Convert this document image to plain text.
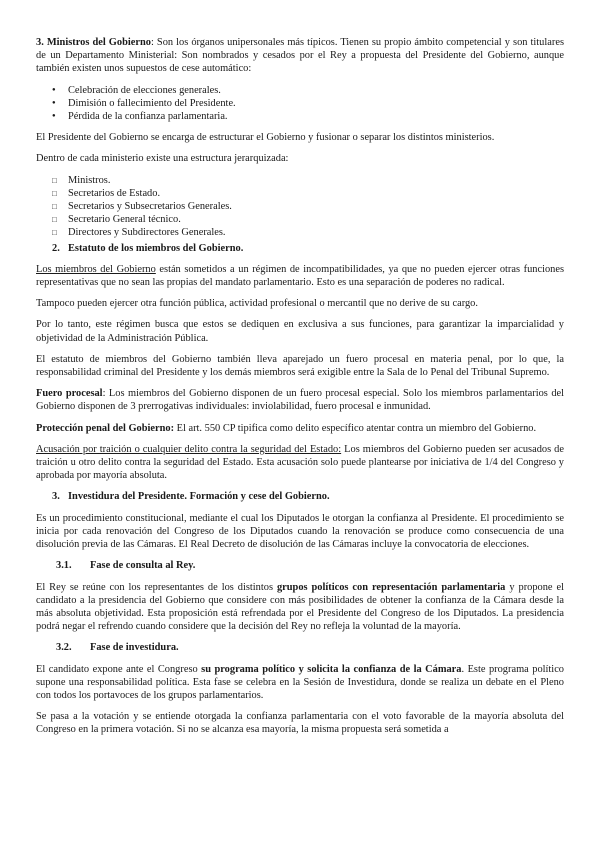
3. Ministros del Gobierno: Son los órganos unipersonales más típicos. Tienen su propio ámbito competencial y son titulares de un Departamento Ministerial: Son nombrados y cesados por el Rey a propuesta del Presidente del Gobierno, aunque también existen unos supuestos de cese automático:

● Celebración de elecciones generales.
● Dimisión o fallecimiento del Presidente.
● Pérdida de la confianza parlamentaria.

El Presidente del Gobierno se encarga de estructurar el Gobierno y fusionar o separar los distintos ministerios.

Dentro de cada ministerio existe una estructura jerarquizada:

□ Ministros.
□ Secretarios de Estado.
□ Secretarios y Subsecretarios Generales.
□ Secretario General técnico.
□ Directores y Subdirectores Generales.
2. Estatuto de los miembros del Gobierno.

Los miembros del Gobierno están sometidos a un régimen de incompatibilidades, ya que no pueden ejercer otras funciones representativas que no sean las propias del mandato parlamentario. Esto es una separación de poderes no radical.

Tampoco pueden ejercer otra función pública, actividad profesional o mercantil que no derive de su cargo.

Por lo tanto, este régimen busca que estos se dediquen en exclusiva a sus funciones, para garantizar la imparcialidad y objetividad de la Administración Pública.

El estatuto de miembros del Gobierno también lleva aparejado un fuero procesal en materia penal, por lo que, la responsabilidad criminal del Presidente y los demás miembros será exigible entre la Sala de lo Penal del Tribunal Supremo.

Fuero procesal: Los miembros del Gobierno disponen de un fuero procesal especial. Solo los miembros parlamentarios del Gobierno disponen de 3 prerrogativas individuales: inviolabilidad, fuero procesal e inmunidad.

Protección penal del Gobierno: El art. 550 CP tipifica como delito específico atentar contra un miembro del Gobierno.

Acusación por traición o cualquier delito contra la seguridad del Estado: Los miembros del Gobierno pueden ser acusados de traición u otro delito contra la seguridad del Estado. Esta acusación solo puede plantearse por iniciativa de 1/4 del Congreso y aprobada por mayoría absoluta.

3. Investidura del Presidente. Formación y cese del Gobierno.

Es un procedimiento constitucional, mediante el cual los Diputados le otorgan la confianza al Presidente. El procedimiento se inicia por cada renovación del Congreso de los Diputados cuando la renovación se produce como consecuencia de una disolución previa de las Cámaras. El Real Decreto de disolución de las Cámaras incluye la convocatoria de elecciones.

3.1. Fase de consulta al Rey.

El Rey se reúne con los representantes de los distintos grupos políticos con representación parlamentaria y propone el candidato a la presidencia del Gobierno que considere con más posibilidades de obtener la confianza de la Cámara desde la más absoluta objetividad. Esta proposición está refrendada por el Presidente del Congreso de los Diputados. La presidencia podrá negar el refrendo cuando considere que la decisión del Rey no refleja la voluntad de la mayoría.

3.2. Fase de investidura.

El candidato expone ante el Congreso su programa político y solicita la confianza de la Cámara. Este programa político supone una responsabilidad política. Esta fase se celebra en la Sesión de Investidura, donde se realiza un debate en el Pleno con todos los portavoces de los grupos parlamentarios.

Se pasa a la votación y se entiende otorgada la confianza parlamentaria con el voto favorable de la mayoría absoluta del Congreso en la primera votación. Si no se alcanza esa mayoría, la misma propuesta será sometida a
